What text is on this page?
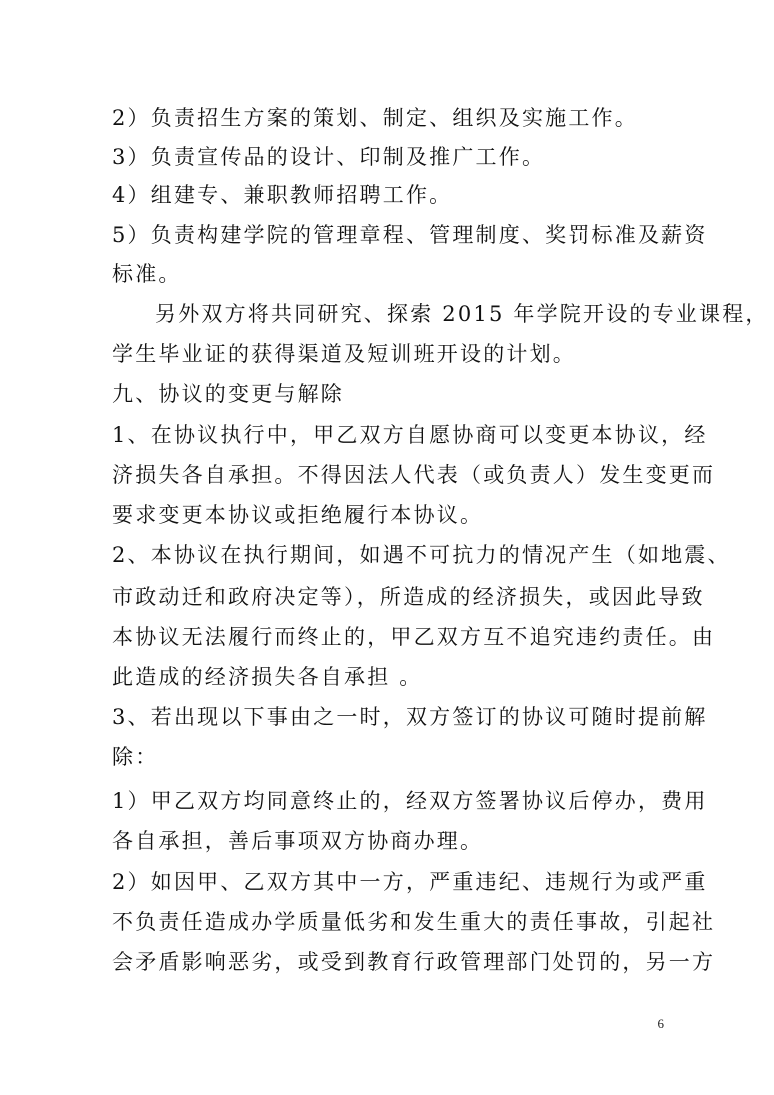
2）负责招生方案的策划、制定、组织及实施工作。
3）负责宣传品的设计、印制及推广工作。
4）组建专、兼职教师招聘工作。
5）负责构建学院的管理章程、管理制度、奖罚标准及薪资
标准。
另外双方将共同研究、探索 2015 年学院开设的专业课程，
学生毕业证的获得渠道及短训班开设的计划。
九、协议的变更与解除
1、在协议执行中，甲乙双方自愿协商可以变更本协议，经
济损失各自承担。不得因法人代表（或负责人）发生变更而
要求变更本协议或拒绝履行本协议。
2、本协议在执行期间，如遇不可抗力的情况产生（如地震、
市政动迁和政府决定等），所造成的经济损失，或因此导致
本协议无法履行而终止的，甲乙双方互不追究违约责任。由
此造成的经济损失各自承担 。
3、若出现以下事由之一时，双方签订的协议可随时提前解
除：
1）甲乙双方均同意终止的，经双方签署协议后停办，费用
各自承担，善后事项双方协商办理。
2）如因甲、乙双方其中一方，严重违纪、违规行为或严重
不负责任造成办学质量低劣和发生重大的责任事故，引起社
会矛盾影响恶劣，或受到教育行政管理部门处罚的，另一方
6
